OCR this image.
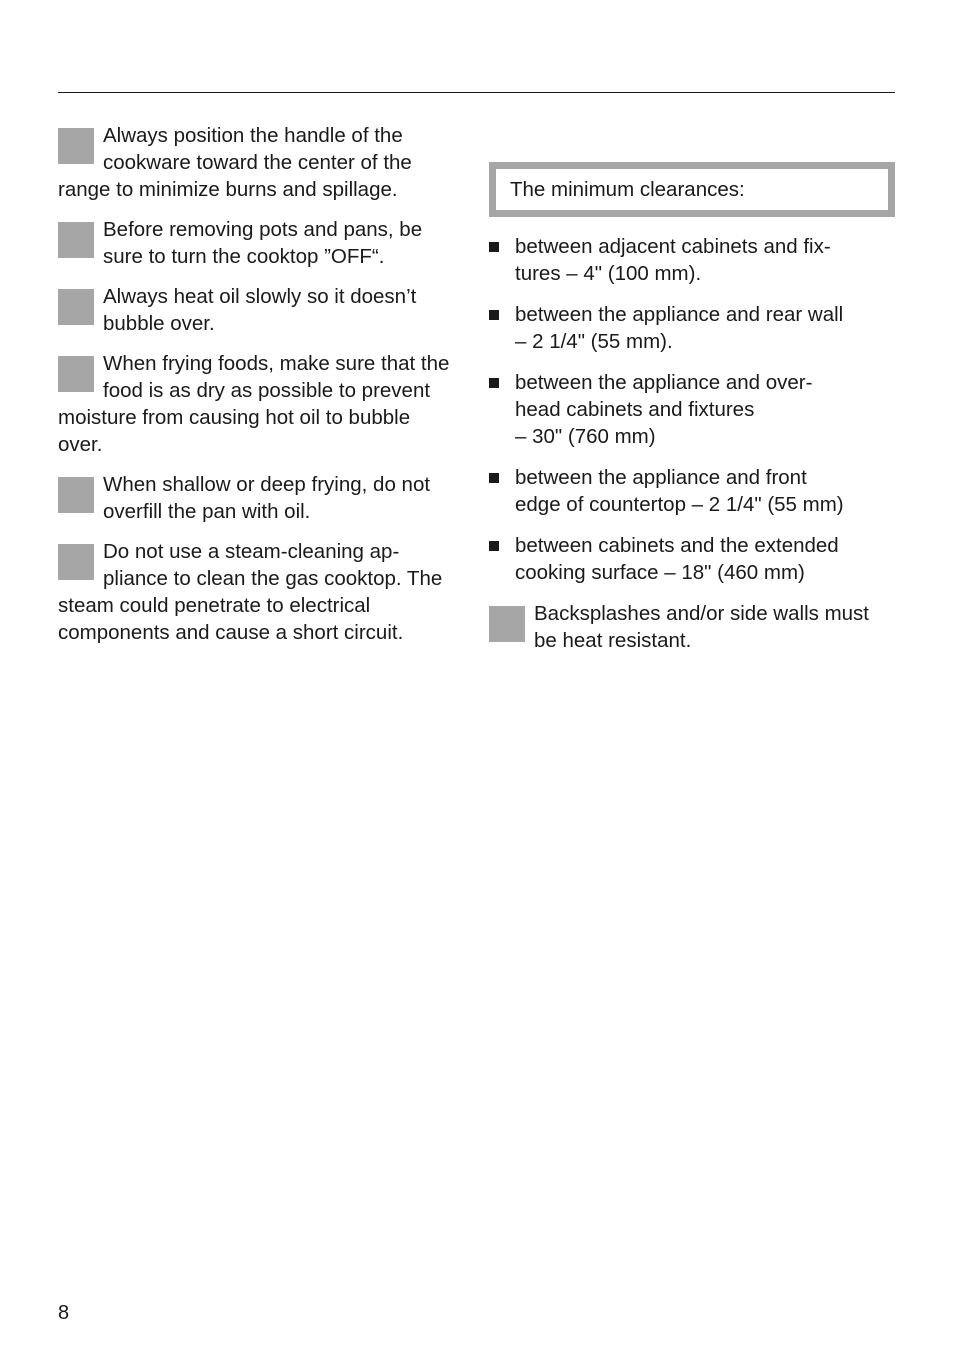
Always position the handle of the cookware toward the center of the range to minimize burns and spillage.
Before removing pots and pans, be sure to turn the cooktop ”OFF“.
Always heat oil slowly so it doesn’t bubble over.
When frying foods, make sure that the food is as dry as possible to prevent moisture from causing hot oil to bubble over.
When shallow or deep frying, do not overfill the pan with oil.
Do not use a steam-cleaning ap-pliance to clean the gas cooktop. The steam could penetrate to electrical components and cause a short circuit.
The minimum clearances:
between adjacent cabinets and fix-
tures – 4" (100 mm).
between the appliance and rear wall
– 2 1/4" (55 mm).
between the appliance and over-
head cabinets and fixtures
– 30" (760 mm)
between the appliance and front
edge of countertop – 2 1/4" (55 mm)
between cabinets and the extended
cooking surface – 18" (460 mm)
Backsplashes and/or side walls must be heat resistant.
8
